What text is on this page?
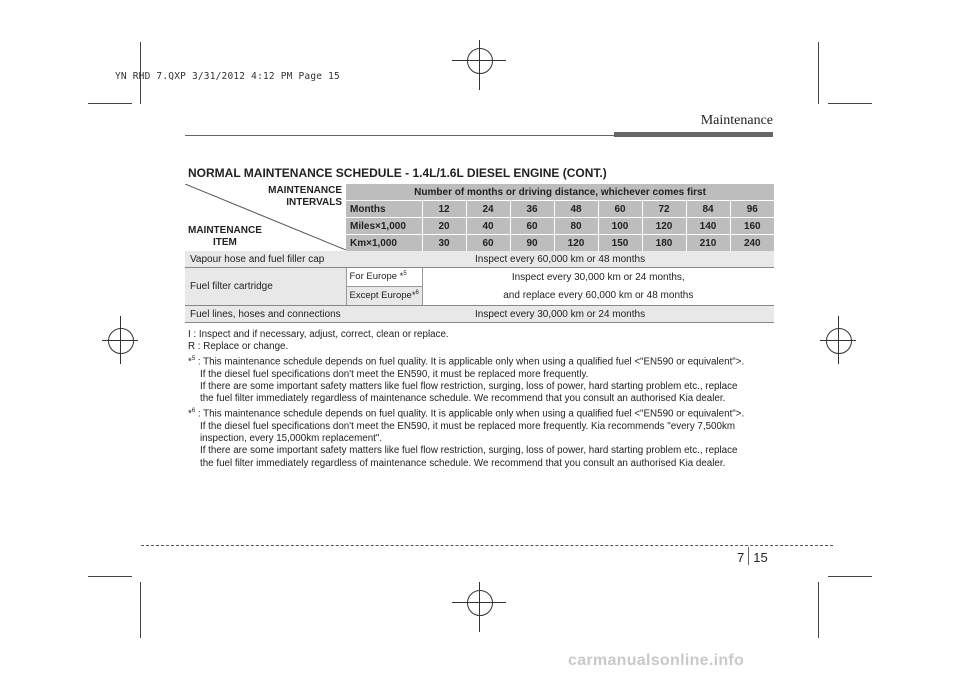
YN RHD 7.QXP 3/31/2012 4:12 PM Page 15
Maintenance
NORMAL MAINTENANCE SCHEDULE - 1.4L/1.6L DIESEL ENGINE (CONT.)
MAINTENANCE
INTERVALS
MAINTENANCE
ITEM	Number of months or driving distance, whichever comes first								
	Months	12	24	36	48	60	72	84	96
	Miles×1,000	20	40	60	80	100	120	140	160
	Km×1,000	30	60	90	120	150	180	210	240
Vapour hose and fuel filler cap	Inspect every 60,000 km or 48 months								
Fuel filter cartridge	For Europe *$^5$	Inspect every 30,000 km or 24 months,							
	Except Europe*$^6$	and replace every 60,000 km or 48 months							
Fuel lines, hoses and connections	Inspect every 30,000 km or 24 months								

I : Inspect and if necessary, adjust, correct, clean or replace.

R : Replace or change.

*$^5$ : This maintenance schedule depends on fuel quality. It is applicable only when using a qualified fuel <"EN590 or equivalent">.

If the diesel fuel specifications don't meet the EN590, it must be replaced more frequently.

If there are some important safety matters like fuel flow restriction, surging, loss of power, hard starting problem etc., replace

the fuel filter immediately regardless of maintenance schedule. We recommend that you consult an authorised Kia dealer.

*$^6$ : This maintenance schedule depends on fuel quality. It is applicable only when using a qualified fuel <"EN590 or equivalent">.

If the diesel fuel specifications don't meet the EN590, it must be replaced more frequently. Kia recommends "every 7,500km

inspection, every 15,000km replacement".

If there are some important safety matters like fuel flow restriction, surging, loss of power, hard starting problem etc., replace

the fuel filter immediately regardless of maintenance schedule. We recommend that you consult an authorised Kia dealer.

7 15
carmanualsonline.info
